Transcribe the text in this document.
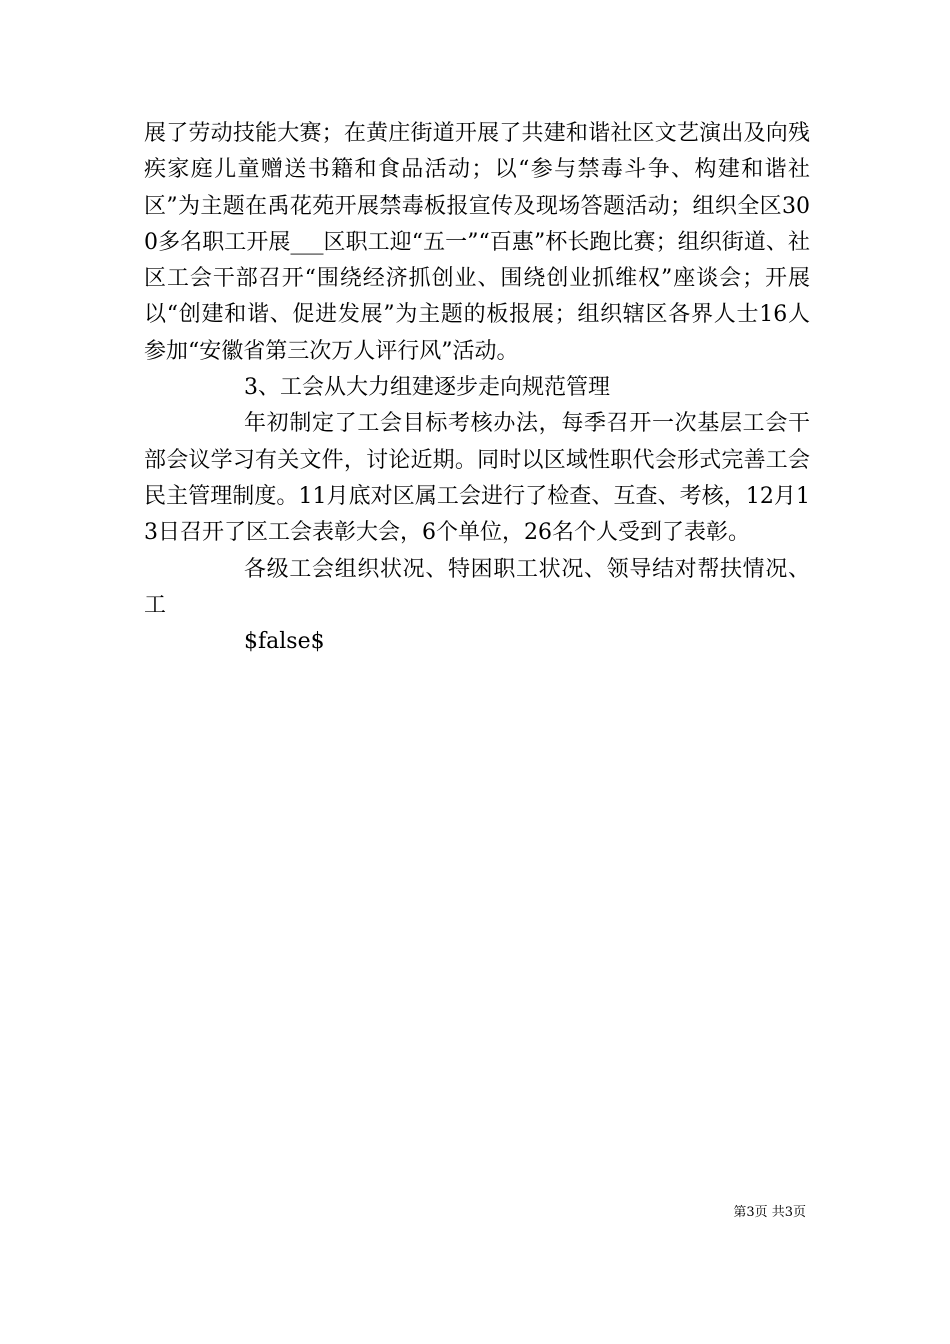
展了劳动技能大赛；在黄庄街道开展了共建和谐社区文艺演出及向残疾家庭儿童赠送书籍和食品活动；以“参与禁毒斗争、构建和谐社区”为主题在禹花苑开展禁毒板报宣传及现场答题活动；组织全区300多名职工开展___区职工迎“五一”“百惠”杯长跑比赛；组织街道、社区工会干部召开“围绕经济抓创业、围绕创业抓维权”座谈会；开展以“创建和谐、促进发展”为主题的板报展；组织辖区各界人士16人参加“安徽省第三次万人评行风”活动。

3、工会从大力组建逐步走向规范管理

年初制定了工会目标考核办法，每季召开一次基层工会干部会议学习有关文件，讨论近期。同时以区域性职代会形式完善工会民主管理制度。11月底对区属工会进行了检查、互查、考核，12月13日召开了区工会表彰大会，6个单位，26名个人受到了表彰。

各级工会组织状况、特困职工状况、领导结对帮扶情况、工

$false$

第3页 共3页
